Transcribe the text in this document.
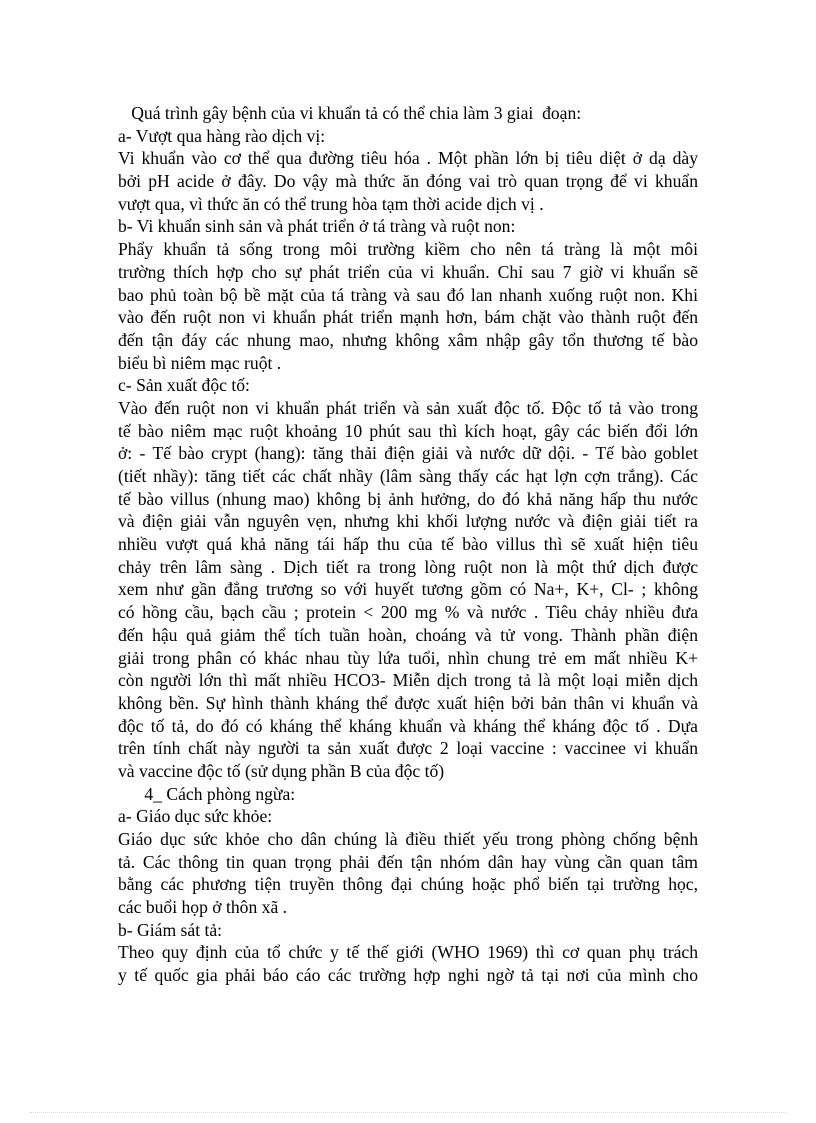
Quá trình gây bệnh của vi khuẩn tả có thể chia làm 3 giai  đoạn:
a- Vượt qua hàng rào dịch vị:
Vi khuẩn vào cơ thể qua đường tiêu hóa . Một phần lớn bị tiêu diệt ở dạ dày
bởi pH acide ở đây. Do vậy mà thức ăn đóng vai trò quan trọng để vi khuẩn
vượt qua, vì thức ăn có thể trung hòa tạm thời acide dịch vị .
b- Vi khuẩn sinh sản và phát triển ở tá tràng và ruột non:
Phẩy khuẩn tả sống trong môi trường kiềm cho nên tá tràng là một môi
trường thích hợp cho sự phát triển của vi khuẩn. Chỉ sau 7 giờ vi khuẩn sẽ
bao phủ toàn bộ bề mặt của tá tràng và sau đó lan nhanh xuống ruột non. Khi
vào đến ruột non vi khuẩn phát triển mạnh hơn, bám chặt vào thành ruột đến
đến tận đáy các nhung mao, nhưng không xâm nhập gây tổn thương tế bào
biểu bì niêm mạc ruột .
c- Sản xuất độc tố:
Vào đến ruột non vi khuẩn phát triển và sản xuất độc tố. Độc tố tả vào trong
tế bào niêm mạc ruột khoảng 10 phút sau thì kích hoạt, gây các biến đổi lớn
ở: - Tế bào crypt (hang): tăng thải điện giải và nước dữ dội. - Tế bào goblet
(tiết nhầy): tăng tiết các chất nhầy (lâm sàng thấy các hạt lợn cợn trắng). Các
tế bào villus (nhung mao) không bị ảnh hưởng, do đó khả năng hấp thu nước
và điện giải vẫn nguyên vẹn, nhưng khi khối lượng nước và điện giải tiết ra
nhiều vượt quá khả năng tái hấp thu của tế bào villus thì sẽ xuất hiện tiêu
chảy trên lâm sàng . Dịch tiết ra trong lòng ruột non là một thứ dịch được
xem như gần đẳng trương so với huyết tương gồm có Na+, K+, Cl- ; không
có hồng cầu, bạch cầu ; protein < 200 mg % và nước . Tiêu chảy nhiều đưa
đến hậu quả giảm thể tích tuần hoàn, choáng và tử vong. Thành phần điện
giải trong phân có khác nhau tùy lứa tuổi, nhìn chung trẻ em mất nhiều K+
còn người lớn thì mất nhiều HCO3- Miễn dịch trong tả là một loại miễn dịch
không bền. Sự hình thành kháng thể được xuất hiện bởi bản thân vi khuẩn và
độc tố tả, do đó có kháng thể kháng khuẩn và kháng thể kháng độc tố . Dựa
trên tính chất này người ta sản xuất được 2 loại vaccine : vaccinee vi khuẩn
và vaccine độc tố (sử dụng phần B của độc tố)
4_ Cách phòng ngừa:
a- Giáo dục sức khỏe:
Giáo dục sức khỏe cho dân chúng là điều thiết yếu trong phòng chống bệnh
tả. Các thông tin quan trọng phải đến tận nhóm dân hay vùng cần quan tâm
bằng các phương tiện truyền thông đại chúng hoặc phổ biến tại trường học,
các buổi họp ở thôn xã .
b- Giám sát tả:
Theo quy định của tổ chức y tế thế giới (WHO 1969) thì cơ quan phụ trách
y tế quốc gia phải báo cáo các trường hợp nghi ngờ tả tại nơi của mình cho
